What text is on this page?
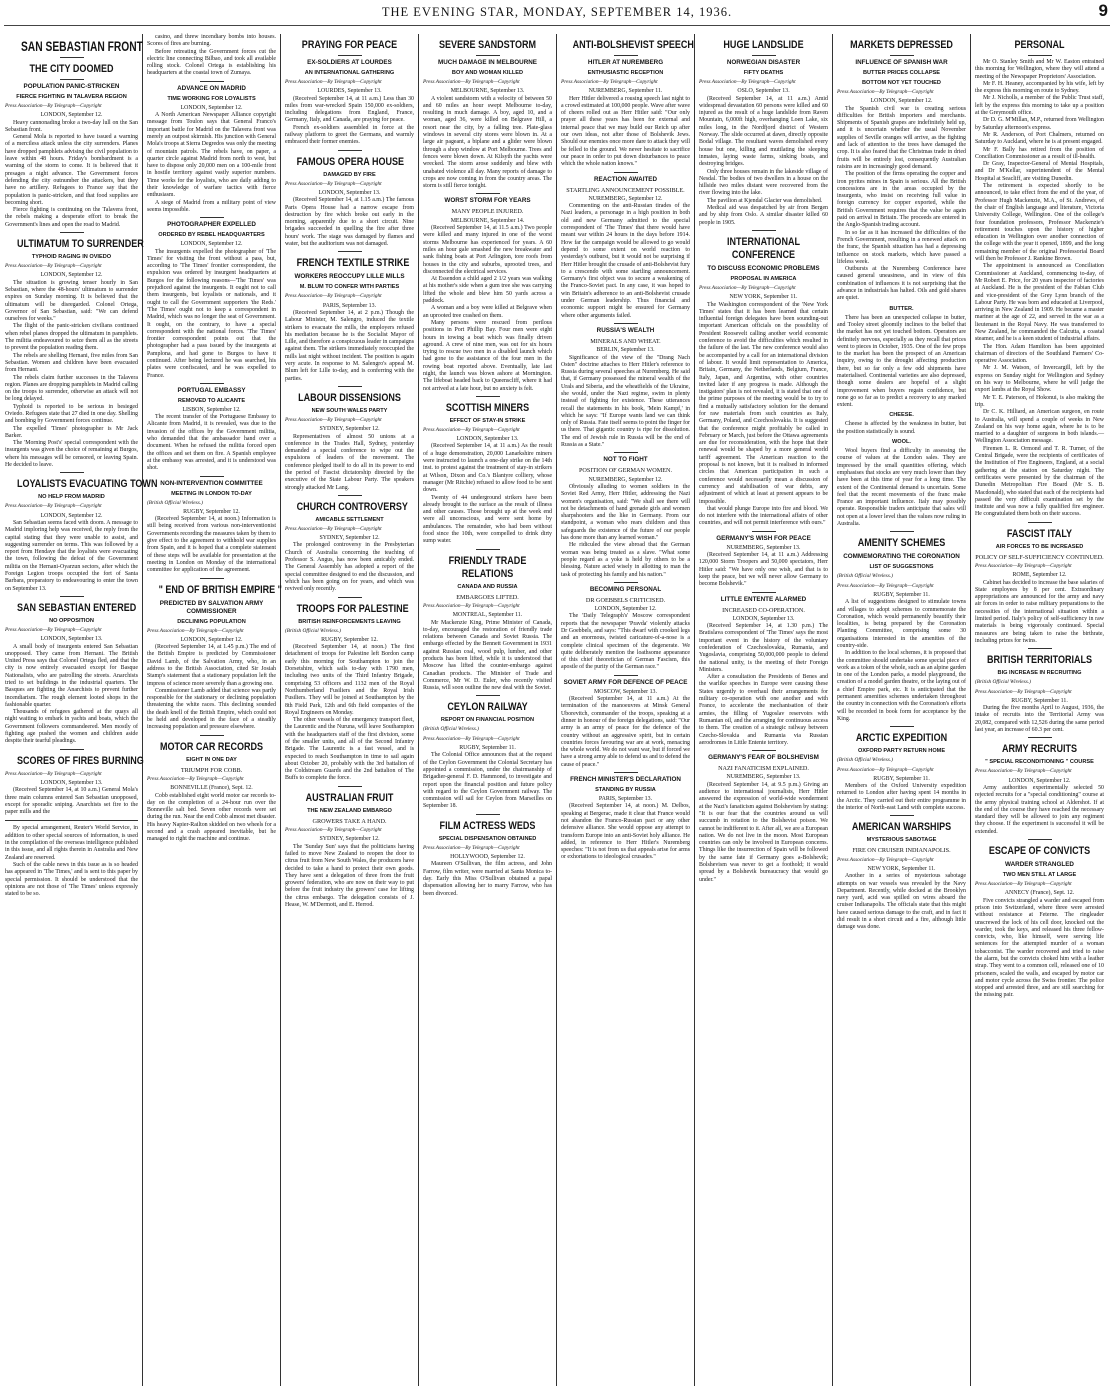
THE EVENING STAR, MONDAY, SEPTEMBER 14, 1936.	9
SAN SEBASTIAN FRONT
THE CITY DOOMED
POPULATION PANIC-STRICKEN
FIERCE FIGHTING IN TALAVERA REGION
Press Association—By Telegraph—Copyright
LONDON, September 12.

Heavy cannonading broke a two-day lull on the San Sebastian front.

General Mola is reported to have issued a warning of a merciless attack unless the city surrenders. Planes have dropped pamphlets advising the civil population to leave within 48 hours. Friday's bombardment is a warning of the storm to come. It is believed that it presages a night advance. The Government forces defending the city outnumber the attackers, but they have no artillery. Refugees to France say that the population is panic-stricken, and that food supplies are becoming short.

Fierce fighting is continuing on the Talavera front, the rebels making a desperate effort to break the Government's lines and open the road to Madrid.

ULTIMATUM TO SURRENDER
TYPHOID RAGING IN OVIEDO
Press Association—By Telegraph—Copyright
LONDON, September 12.

The situation is growing tenser hourly in San Sebastian, where the 48-hours' ultimatum to surrender expires on Sunday morning. It is believed that the ultimatum will be disregarded. Colonel Ortega, Governor of San Sebastian, said: "We can defend ourselves for weeks."

The flight of the panic-stricken civilians continued when rebel planes dropped the ultimatum in pamphlets. The militia endeavoured to seize them all as the streets to prevent the population reading them.

The rebels are shelling Hernani, five miles from San Sebastian. Women and children have been evacuated from Hernani.

The rebels claim further successes in the Talavera region. Planes are dropping pamphlets in Madrid calling on the troops to surrender, otherwise an attack will not be long delayed.

Typhoid is reported to be serious in besieged Oviedo. Refugees state that 27 died in one day. Shelling and bombing by Government forces continue.

The expelled 'Times' photographer is Mr Jack Barker.

The 'Morning Post's' special correspondent with the insurgents was given the choice of remaining at Burgos, where his messages will be censored, or leaving Spain. He decided to leave.

LOYALISTS EVACUATING TOWN
NO HELP FROM MADRID
Press Association—By Telegraph—Copyright
LONDON, September 12.

San Sebastian seems faced with doom. A message to Madrid imploring help was received, the reply from the capital stating that they were unable to assist, and suggesting surrender on terms. This was followed by a report from Hendaye that the loyalists were evacuating the town, following the defeat of the Government militia on the Hernani-Oyarzun sectors, after which the Foreign Legion troops occupied the fort of Santa Barbara, preparatory to endeavouring to enter the town on September 13.

SAN SEBASTIAN ENTERED
NO OPPOSITION
Press Association—By Telegraph—Copyright
LONDON, September 13.

A small body of insurgents entered San Sebastian unopposed. They came from Hernani. The British United Press says that Colonel Ortega fled, and that the city is now entirely evacuated except for Basque Nationalists, who are patrolling the streets. Anarchists tried to set buildings in the industrial quarters. The Basques are fighting the Anarchists to prevent further incendiarism. The rough element looted shops in the fashionable quarter.

Thousands of refugees gathered at the quays all night waiting to embark in yachts and boats, which the Government followers commandeered. Men mostly of fighting age pushed the women and children aside despite their tearful pleadings.

SCORES OF FIRES BURNING
Press Association—By Telegraph—Copyright
LONDON, September 13.

(Received September 14, at 10 a.m.) General Mola's three main columns entered San Sebastian unopposed, except for sporadic sniping. Anarchists set fire to the paper mills and the

By special arrangement, Reuter's World Service, in addition to other special sources of information, is used in the compilation of the overseas intelligence published in this issue, and all rights therein in Australia and New Zealand are reserved.

Such of the cable news in this issue as is so headed has appeared in 'The Times,' and is sent to this paper by special permission. It should be understood that the opinions are not those of 'The Times' unless expressly stated to be so.

casino, and threw incendiary bombs into houses. Scores of fires are burning.

Before retreating the Government forces cut the electric line connecting Bilbao, and took all available rolling stock. Colonel Ortega is establishing his headquarters at the coastal town of Zumaya.

ADVANCE ON MADRID
TIME WORKING FOR LOYALISTS
LONDON, September 12.

A North American Newspaper Alliance copyright message from Toulon says that General Franco's important battle for Madrid on the Talavera front was merely an outpost skirmish. His junction with General Mola's troops at Sierra Degredos was only the meeting of mountain patrols. The rebels have, on paper, a quarter circle against Madrid from north to west, but have to dispose only 20,000 men on a 100-mile front in hostile territory against vastly superior numbers. Time works for the loyalists, who are daily adding to their knowledge of warfare tactics with fierce enthusiasm.

A siege of Madrid from a military point of view seems impossible.

PHOTOGRAPHER EXPELLED
ORDERED BY REBEL HEADQUARTERS
LONDON, September 12.

The insurgents expelled the photographer of 'The Times' for visiting the front without a pass, but, according to 'The Times' frontier correspondent, the expulsion was ordered by insurgent headquarters at Burgos for the following reasons—'The Times' was prejudiced against the insurgents. It ought not to call them insurgents, but loyalists or nationals, and it ought to call the Government supporters 'the Reds.' 'The Times' ought not to keep a correspondent in Madrid, which was no longer the seat of Government. It ought, on the contrary, to have a special correspondent with the national forces. 'The Times' frontier correspondent points out that the photographer had a pass issued by the insurgents at Pamplona, and had gone to Burgos to have it continued. After being lectured he was searched, his plates were confiscated, and he was expelled to France.

PORTUGAL EMBASSY
REMOVED TO ALICANTE
LISBON, September 12.

The recent transfer of the Portuguese Embassy to Alicante from Madrid, it is revealed, was due to the invasion of the offices by the Government militia, who demanded that the ambassador hand over a document. When he refused the militia forced open the offices and set them on fire. A Spanish employee at the embassy was arrested, and it is understood was shot.

NON-INTERVENTION COMMITTEE
MEETING IN LONDON TO-DAY
(British Official Wireless.)
RUGBY, September 12.

(Received September 14, at noon.) Information is still being received from various non-interventionist Governments recording the measures taken by them to give effect to the agreement to withhold war supplies from Spain, and it is hoped that a complete statement of these steps will be available for presentation at the meeting in London on Monday of the international committee for application of the agreement.

" END OF BRITISH EMPIRE "
PREDICTED BY SALVATION ARMY COMMISSIONER
DECLINING POPULATION
Press Association—By Telegraph—Copyright
LONDON, September 12.

(Received September 14, at 1.45 p.m.) The end of the British Empire is predicted by Commissioner David Lamb, of the Salvation Army, who, in an address to the British Association, cited Sir Josiah Stamp's statement that a stationary population left the impress of science more severely than a growing one.

Commissioner Lamb added that science was partly responsible for the stationary or declining population threatening the white races. This declining sounded the death knell of the British Empire, which could not be held and developed in the face of a steadily increasing population and pressure elsewhere.

MOTOR CAR RECORDS
EIGHT IN ONE DAY
TRIUMPH FOR COBB.
Press Association—By Telegraph—Copyright
BONNEVILLE (France), Sept. 12.

Cobb established eight world motor car records to-day on the completion of a 24-hour run over the Bonneville salt bed. Seven other records were set during the run. Near the end Cobb almost met disaster. His heavy Napier-Railton skidded on two wheels for a second and a crash appeared inevitable, but he managed to right the machine and continue.

PRAYING FOR PEACE
EX-SOLDIERS AT LOURDES
AN INTERNATIONAL GATHERING
Press Association—By Telegraph—Copyright
LOURDES, September 13.

(Received September 14, at 11 a.m.) Less than 30 miles from war-wrecked Spain 150,000 ex-soldiers, including delegations from England, France, Germany, Italy, and Canada, are praying for peace.

French ex-soldiers assembled in force at the railway platform to greet the Germans, and warmly embraced their former enemies.

FAMOUS OPERA HOUSE
DAMAGED BY FIRE
Press Association—By Telegraph—Copyright
LONDON, September 13.

(Received September 14, at 1.15 a.m.) The famous Paris Opera House had a narrow escape from destruction by fire which broke out early in the morning, apparently due to a short circuit. Nine brigades succeeded in quelling the fire after three hours' work. The stage was damaged by flames and water, but the auditorium was not damaged.

FRENCH TEXTILE STRIKE
WORKERS REOCCUPY LILLE MILLS
M. BLUM TO CONFER WITH PARTIES
Press Association—By Telegraph—Copyright
PARIS, September 13.

(Received September 14, at 2 p.m.) Though the Labour Minister, M. Salengro, induced the textile strikers to evacuate the mills, the employers refused his mediation because he is the Socialist Mayor of Lille, and therefore a conspicuous leader in campaigns against them. The strikers immediately reoccupied the mills last night without incident. The position is again very acute. In response to M. Salengro's appeal M. Blum left for Lille to-day, and is conferring with the parties.

LABOUR DISSENSIONS
NEW SOUTH WALES PARTY
Press Association—By Telegraph—Copyright
SYDNEY, September 12.

Representatives of almost 50 unions at a conference in the Trades Hall, Sydney, yesterday demanded a special conference to wipe out the expulsions of leaders of the movement. The conference pledged itself to do all in its power to end the period of Fascist dictatorship directed by the executive of the State Labour Party. The speakers strongly attacked Mr Lang.

CHURCH CONTROVERSY
AMICABLE SETTLEMENT
Press Association—By Telegraph—Copyright
SYDNEY, September 12.

The prolonged controversy in the Presbyterian Church of Australia concerning the teaching of Professor S. Angus, has now been amicably ended. The General Assembly has adopted a report of the special committee designed to end the discussion, and which has been going on for years, and which was revived only recently.

TROOPS FOR PALESTINE
BRITISH REINFORCEMENTS LEAVING
(British Official Wireless.)
RUGBY, September 12.

(Received September 14, at noon.) The first detachment of troops for Palestine left Bordon camp early this morning for Southampton to join the Dorsetshire, which sails to-day with 1790 men, including two units of the Third Infantry Brigade, comprising 53 officers and 1132 men of the Royal Northumberland Fusiliers and the Royal Irish Fusiliers. They will be joined at Southampton by the 8th Field Park, 12th and 6th field companies of the Royal Engineers on Monday.

The other vessels of the emergency transport fleet, the Laurentic and the Nuruna, will leave Southampton with the headquarters staff of the first division, some of the smaller units, and all of the Second Infantry Brigade. The Laurentic is a fast vessel, and is expected to reach Southampton in time to sail again about October 20, probably with the 3rd battalion of the Coldstream Guards and the 2nd battalion of The Buffs to complete the force.

AUSTRALIAN FRUIT
THE NEW ZEALAND EMBARGO
GROWERS TAKE A HAND.
Press Association—By Telegraph—Copyright
SYDNEY, September 12.

The 'Sunday Sun' says that the politicians having failed to move New Zealand to reopen the door to citrus fruit from New South Wales, the producers have decided to take a hand to protect their own goods. They have sent a delegation of three from the fruit growers' federation, who are now on their way to put before the fruit industry the growers' case for lifting the citrus embargo. The delegation consists of J. Hease, W. M'Dermott, and E. Herrod.

SEVERE SANDSTORM
MUCH DAMAGE IN MELBOURNE
BOY AND WOMAN KILLED
Press Association—By Telegraph—Copyright
MELBOURNE, September 13.

A violent sandstorm with a velocity of between 50 and 60 miles an hour swept Melbourne to-day, resulting in much damage. A boy, aged 10, and a woman, aged 36, were killed on Belgrave Hill, a resort near the city, by a falling tree. Plate-glass windows in several city stores were blown in. At a large air pageant, a biplane and a glider were blown through a shop window at Port Melbourne. Trees and fences were blown down. At Kilsyth the yachts were wrecked. The storm arose suddenly and blew with unabated violence all day. Many reports of damage to crops are now coming in from the country areas. The storm is still fierce tonight.

WORST STORM FOR YEARS
MANY PEOPLE INJURED.
MELBOURNE, September 14.

(Received September 14, at 11.5 a.m.) Two people were killed and many injured in one of the worst storms Melbourne has experienced for years. A 60 miles an hour gale smashed the new breakwater and sank fishing boats at Port Arlington, tore roofs from houses in the city and suburbs, uprooted trees, and disconnected the electrical services.

At Essendon a child aged 2 1/2 years was walking at his mother's side when a gum tree she was carrying lifted the whole and blew him 50 yards across a paddock.

A woman and a boy were killed at Belgrave when an uprooted tree crashed on them.

Many persons were rescued from perilous positions in Port Phillip Bay. Four men were eight hours in towing a boat which was finally driven aground. A crew of nine men, was out for six hours trying to rescue two men in a disabled launch which had gone to the assistance of the four men in the rowing boat reported above. Eventually, late last night, the launch was blown ashore at Mornington. The lifeboat headed back to Queenscliff, where it had not arrived at a late hour, but no anxiety is felt.

SCOTTISH MINERS
EFFECT OF STAY-IN STRIKE
Press Association—By Telegraph—Copyright
LONDON, September 13.

(Received September 14, at 11 a.m.) As the result of a huge demonstration, 20,000 Lanarkshire miners were instructed to launch a one-day strike on the 14th inst. to protest against the treatment of stay-in strikers at Wilson, Dixon and Co.'s Blantyre colliery, whose manager (Mr Ritchie) refused to allow food to be sent down.

Twenty of 44 underground strikers have been already brought to the surface as the result of illness and other causes. Those brought up at the week end were all unconscious, and were sent home by ambulances. The remainder, who had been without food since the 10th, were compelled to drink dirty sump water.

FRIENDLY TRADE RELATIONS
CANADA AND RUSSIA
EMBARGOES LIFTED.
Press Association—By Telegraph—Copyright
MONTREAL, September 11.

Mr Mackenzie King, Prime Minister of Canada, to-day, encouraged the restoration of friendly trade relations between Canada and Soviet Russia. The embargo effected by the Bennett Government in 1931 against Russian coal, wood pulp, lumber, and other products has been lifted, while it is understood that Moscow has lifted the counter-embargo against Canadian products. The Minister of Trade and Commerce, Mr W. D. Euler, who recently visited Russia, will soon outline the new deal with the Soviet.

CEYLON RAILWAY
REPORT ON FINANCIAL POSITION
(British Official Wireless.)
Press Association—By Telegraph—Copyright
RUGBY, September 11.

The Colonial Office announces that at the request of the Ceylon Government the Colonial Secretary has appointed a commission, under the chairmanship of Brigadier-general F. D. Hammond, to investigate and report upon the financial position and future policy with regard to the Ceylon Government railway. The commission will sail for Ceylon from Marseilles on September 18.

FILM ACTRESS WEDS
SPECIAL DISPENSATION OBTAINED
Press Association—By Telegraph—Copyright
HOLLYWOOD, September 12.

Maureen O'Sullivan, the film actress, and John Farrow, film writer, were married at Santa Monica to-day. Early this Miss O'Sullivan obtained a papal dispensation allowing her to marry Farrow, who has been divorced.

ANTI-BOLSHEVIST SPEECH
HITLER AT NUREMBERG
ENTHUSIASTIC RECEPTION
Press Association—By Telegraph—Copyright
NUREMBERG, September 11.

Herr Hitler delivered a rousing speech last night to a crowd estimated at 100,000 people. Wave after wave of cheers rolled out as Herr Hitler said: "Our only prayer all these years has been for external and internal peace that we may build our Reich up after our own ideas, not after those of Bolshevik Jews. Should our enemies once more dare to attack they will be felled to the ground. We never hesitate to sacrifice our peace in order to put down disturbances to peace which the whole nation knows."

REACTION AWAITED
STARTLING ANNOUNCEMENT POSSIBLE.
NUREMBERG, September 12.

Commenting on the anti-Russian tirades of the Nazi leaders, a personage in a high position in both old and new Germany admitted to the special correspondent of 'The Times' that there would have meant war within 24 hours in the days before 1914. How far the campaign would be allowed to go would depend to some extent on world reaction to yesterday's outburst, but it would not be surprising if Herr Hitler brought the crusade of anti-Bolshevist fury to a crescendo with some startling announcement. Germany's first object was to secure a weakening of the Franco-Soviet pact. In any case, it was hoped to win Britain's adherence to an anti-Bolshevist crusade under German leadership. Thus financial and economic support might be ensured for Germany where other arguments failed.

RUSSIA'S WEALTH
MINERALS AND WHEAT.
BERLIN, September 13.

Significance of the view of the "Drang Nach Osten" doctrine attaches to Herr Hitler's reference to Russia during several speeches at Nuremberg. He said that, if Germany possessed the mineral wealth of the Urals and Siberia, and the wheatfields of the Ukraine, she would, under the Nazi regime, swim in plenty instead of fighting for existence. These utterances recall the statements in his book, 'Mein Kampf,' in which he says: "If Europe wants land we can think only of Russia. Fate itself seems to point the finger for us there. That gigantic country is ripe for dissolution. The end of Jewish rule in Russia will be the end of Russia as a State."

NOT TO FIGHT
POSITION OF GERMAN WOMEN.
NUREMBERG, September 12.

Obviously alluding to women soldiers in the Soviet Red Army, Herr Hitler, addressing the Nazi women's organisation, said: "We shall see there will not be detachments of hand grenade girls and women sharpshooters and the like in Germany. From our standpoint, a woman who rears children and thus safeguards the existence of the future of our people has done more than any learned woman."

He ridiculed the view abroad that the German woman was being treated as a slave. "What some people regard as a yoke is held by others to be a blessing. Nature acted wisely in allotting to man the task of protecting his family and his nation."

BECOMING PERSONAL
DR GOEBBELS CRITICISED.
LONDON, September 12.

The 'Daily Telegraph's' Moscow correspondent reports that the newspaper 'Pravda' violently attacks Dr Goebbels, and says: "This dwarf with crooked legs and an enormous, twisted caricature-of-a-nose is a complete clinical specimen of the degenerate. We quite deliberately mention the loathsome appearance of this chief theoretician of German Fascism, this apostle of the purity of the German race."

SOVIET ARMY FOR DEFENCE OF PEACE
MOSCOW, September 13.

(Received September 14, at 11 a.m.) At the termination of the manoeuvres at Minsk General Uborevitch, commander of the troops, speaking at a dinner in honour of the foreign delegations, said: "Our army is an army of peace for the defence of the country without an aggressive spirit, but in certain countries forces favouring war are at work, menacing the whole world. We do not want war, but if forced we have a strong army able to defend us and to defend the cause of peace."

FRENCH MINISTER'S DECLARATION
STANDING BY RUSSIA
PARIS, September 13.

(Received September 14, at noon.) M. Delbos, speaking at Bergerac, made it clear that France would not abandon the Franco-Russian pact or any other defensive alliance. She would oppose any attempt to transform Europe into an anti-Soviet holy alliance. He added, in reference to Herr Hitler's Nuremberg speeches: "It is not from us that appeals arise for arms or exhortations to ideological crusades."

HUGE LANDSLIDE
NORWEGIAN DISASTER
FIFTY DEATHS
Press Association—By Telegraph—Copyright
OSLO, September 13.

(Received September 14, at 11 a.m.) Amid widespread devastation 60 persons were killed and 60 injured as the result of a huge landslide from Raven Mountain, 6,000ft high, overhanging Loen Lake, six miles long, in the Nordfjord district of Western Norway. The slide occurred at dawn, directly opposite Bodal village. The resultant waves demolished every house but one, killing and mutilating the sleeping inmates, laying waste farms, sinking boats, and destroying bridges.

Only three houses remain in the lakeside village of Nesdal. The bodies of two dwellers in a house on the hillside two miles distant were recovered from the river flowing into the lake.

The pavilion at Kjendal Glacier was demolished.

Medical aid was despatched by air from Bergen and by ship from Oslo. A similar disaster killed 60 people in 1905.

INTERNATIONAL CONFERENCE
TO DISCUSS ECONOMIC PROBLEMS
PROPOSAL IN AMERICA
Press Association—By Telegraph—Copyright
NEW YORK, September 11.

The Washington correspondent of the 'New York Times' states that it has been learned that certain influential foreign delegates have been sounding-out important American officials on the possibility of President Roosevelt calling another world economic conference to avoid the difficulties which resulted in the failure of the last. The new conference would also be accompanied by a call for an international division of labour. It would limit representation to America, Britain, Germany, the Netherlands, Belgium, France, Italy, Japan, and Argentina, with other countries invited later if any progress is made. Although the instigators' plan is not revealed, it is stated that one of the prime purposes of the meeting would be to try to find a mutually satisfactory solution for the demand for raw materials from such countries as Italy, Germany, Poland, and Czechoslovakia. It is suggested that the conference might profitably be called in February or March, just before the Ottawa agreements are due for reconsideration, with the hope that their renewal would be shaped by a more general world tariff agreement. The American reaction to the proposal is not known, but it is realised in informed circles that American participation in such a conference would necessarily mean a discussion of currency and stabilisation of war debts, any adjustment of which at least at present appears to be impossible.

that would plunge Europe into fire and blood. We do not interfere with the international affairs of other countries, and will not permit interference with ours."

GERMANY'S WISH FOR PEACE
NUREMBERG, September 13.

(Received September 14, at 11 a.m.) Addressing 120,000 Storm Troopers and 50,000 spectators, Herr Hitler said: "We have only one wish, and that is to keep the peace, but we will never allow Germany to become Bolshevik."

LITTLE ENTENTE ALARMED
INCREASED CO-OPERATION.
LONDON, September 13.

(Received September 14, at 1.30 p.m.) The Bratislava correspondent of 'The Times' says the most important event in the history of the voluntary confederation of Czechoslovakia, Rumania, and Yugoslavia, comprising 50,000,000 people to defend the national unity, is the meeting of their Foreign Ministers.

After a consultation the Presidents of Benes and the warlike speeches in Europe were causing these States urgently to overhaul their arrangements for military co-operation with one another and with France, to accelerate the mechanisation of their armies, the filling of Yugoslav reservoirs with Rumanian oil, and the arranging for continuous access to them. The creation of a strategic railway between Czecho-Slovakia and Rumania via Russian aerodromes in Little Entente territory.

GERMANY'S FEAR OF BOLSHEVISM
NAZI FANATICISM EXPLAINED.
NUREMBERG, September 13.

(Received September 14, at 9.5 p.m.) Giving an audience to international journalists, Herr Hitler answered the expression of world-wide wonderment at the Nazi's fanaticism against Bolshevism by stating: "It is our fear that the countries around us will succumb in rotation to the Bolshevist poison. We cannot be indifferent to it. After all, we are a European nation. We do not live in the moon. Most European countries can only be involved in European concerns. Things like the insurrection of Spain will be followed by the same fate if Germany goes a-Bolshevik; Bolshevism was never to get a foothold; it would spread by a Bolshevik bureaucracy that would go under."

MARKETS DEPRESSED
INFLUENCE OF SPANISH WAR
BUTTER PRICES COLLAPSE
BOTTOM NOT YET TOUCHED
Press Association—By Telegraph—Copyright
LONDON, September 12.

The Spanish civil war is creating serious difficulties for British importers and merchants. Shipments of Spanish grapes are indefinitely held up, and it is uncertain whether the usual November supplies of Seville oranges will arrive, as the fighting and lack of attention to the trees have damaged the crop. It is also feared that the Christmas trade in dried fruits will be entirely lost, consequently Australian raisins are in increasingly good demand.

The position of the firms operating the copper and iron pyrites mines in Spain is serious. All the British concessions are in the areas occupied by the insurgents, who insist on receiving full value in foreign currency for copper exported, while the British Government requires that the value be again paid on arrival in Britain. The proceeds are entered in the Anglo-Spanish trading account.

In so far as it has increased the difficulties of the French Government, resulting in a renewed attack on the franc, the Spanish situation has had a depressing influence on stock markets, which have passed a lifeless week.

Outbursts at the Nuremberg Conference have caused general uneasiness, and in view of this combination of influences it is not surprising that the advance in industrials has halted. Oils and gold shares are quiet.

BUTTER.

There has been an unexpected collapse in butter, and Tooley street gloomily inclines to the belief that the market has not yet touched bottom. Operators are definitely nervous, especially as they recall that prices went to pieces in October, 1935. One of the few props to the market has been the prospect of an American inquiry, owing to the drought affecting production there, but so far only a few odd shipments have materialised. Continental varieties are also depressed, though some dealers are hopeful of a slight improvement when buyers regain confidence, but none go so far as to predict a recovery to any marked extent.

CHEESE.

Cheese is affected by the weakness in butter, but the position statistically is sound.

WOOL.

Wool buyers find a difficulty in assessing the course of values at the London sales. They are impressed by the small quantities offering, which emphasises that stocks are very much lower than they have been at this time of year for a long time. The extent of the Continental demand is uncertain. Some feel that the recent movements of the franc make France an important influence. Italy may possibly operate. Responsible traders anticipate that sales will not open at a lower level than the values now ruling in Australia.

AMENITY SCHEMES
COMMEMORATING THE CORONATION
LIST OF SUGGESTIONS
(British Official Wireless.)
Press Association—By Telegraph—Copyright
RUGBY, September 11.

A list of suggestions designed to stimulate towns and villages to adopt schemes to commemorate the Coronation, which would permanently beautify their localities, is being prepared by the Coronation Planting Committee, comprising some 30 organisations interested in the amenities of the country-side.

In addition to the local schemes, it is proposed that the committee should undertake some special piece of work as a token of the whole, such as an alpine garden in one of the London parks, a model playground, the creation of a model garden theatre, or the laying out of a chief Empire park, etc. It is anticipated that the permanent amenities schemes undertaken throughout the country in connection with the Coronation's efforts will be recorded in book form for acceptance by the King.

ARCTIC EXPEDITION
OXFORD PARTY RETURN HOME
(British Official Wireless.)
Press Association—By Telegraph—Copyright
RUGBY, September 11.

Members of the Oxford University expedition returned to London after having spent 14 months in the Arctic. They carried out their entire programme in the interior of North-east Land with complete success.

AMERICAN WARSHIPS
MYSTERIOUS SABOTAGE
FIRE ON CRUISER INDIANAPOLIS.
Press Association—By Telegraph—Copyright
NEW YORK, September 11.

Another in a series of mysterious sabotage attempts on war vessels was revealed by the Navy Department. Recently, while docked at the Brooklyn navy yard, acid was spilled on wires aboard the cruiser Indianapolis. The officials state that this might have caused serious damage to the craft, and in fact it did result in a short circuit and a fire, although little damage was done.

PERSONAL

Mr O. Stanley Smith and Mr W. Easton entrained this morning for Wellington, where they will attend a meeting of the Newspaper Proprietors' Association.

Mr F. H. Heaney, accompanied by his wife, left by the express this morning en route to Sydney.

Mr J. Nicholls, a member of the Public Trust staff, left by the express this morning to take up a position at the Greymouth office.

Dr D. G. M'Millan, M.P., returned from Wellington by Saturday afternoon's express.

Mr R. Anderson, of Port Chalmers, returned on Saturday to Auckland, where he is at present engaged.

Mr F. Bally has retired from the position of Conciliation Commissioner as a result of ill-health.

Dr Gray, Inspector-General of Mental Hospitals, and Dr M'Kellar, superintendent of the Mental Hospital at Seacliff, are visiting Dunedin.

The retirement is expected shortly to be announced, to take effect from the end of the year, of Professor Hugh Mackenzie, M.A., of St. Andrews, of the chair of English language and literature, Victoria University College, Wellington. One of the college's four foundation professors, Professor Mackenzie's retirement touches upon the history of higher education in Wellington over another connection of the college with the year it opened, 1899, and the long remaining member of the original Professorial Board will then be Professor J. Rankine Brown.

The appointment is announced as Conciliation Commissioner at Auckland, commencing to-day, of Mr Robert E. Price, for 20 years inspector of factories at Auckland. He is the president of the Fabian Club and vice-president of the Grey Lynn branch of the Labour Party. He was born and educated at Liverpool, arriving in New Zealand in 1909. He became a master mariner at the age of 22, and served in the war as a lieutenant in the Royal Navy. He was transferred to New Zealand, he commanded the Calcutta, a coastal steamer, and he is a keen student of industrial affairs.

The Hon. Adam Hamilton has been appointed chairman of directors of the Southland Farmers' Co-operative Association.

Mr J. M. Watson, of Invercargill, left by the express on Sunday night for Wellington and Sydney on his way to Melbourne, where he will judge the export lambs at the Royal Show.

Mr T. E. Paterson, of Hokonui, is also making the trip.

Dr C. K. Hilliard, an American surgeon, en route to Australia, will spend a couple of weeks in New Zealand on his way home again, where he is to be married to a daughter of surgeons in both islands.—Wellington Association message.

Firemen L. R. Ormond and T. R. Turner, of the Central Brigade, were the recipients of certificates of the Institution of Fire Engineers, England, at a social gathering at the station on Saturday night. The certificates were presented by the chairman of the Dunedin Metropolitan Fire Board (Mr S. B. Macdonald), who stated that each of the recipients had passed the very difficult examination set by the institute and was now a fully qualified fire engineer. He congratulated them both on their success.

FASCIST ITALY
AIR FORCES TO BE INCREASED
POLICY OF SELF-SUFFICIENCY CONTINUED.
Press Association—By Telegraph—Copyright
ROME, September 12.

Cabinet has decided to increase the base salaries of State employees by 8 per cent. Extraordinary appropriations are announced for the army and navy air forces in order to raise military preparations to the necessities of the international situation within a limited period. Italy's policy of self-sufficiency in raw materials is being vigorously continued. Special measures are being taken to raise the birthrate, including prizes for twins.

BRITISH TERRITORIALS
BIG INCREASE IN RECRUITING
(British Official Wireless.)
Press Association—By Telegraph—Copyright
RUGBY, September 11.

During the five months April to August, 1936, the intake of recruits into the Territorial Army was 20,082, compared with 12,526 during the same period last year, an increase of 60.3 per cent.

ARMY RECRUITS
" SPECIAL RECONDITIONING " COURSE
Press Association—By Telegraph—Copyright
LONDON, September 12.

Army authorities experimentally selected 50 rejected recruits for a "special conditioning" course at the army physical training school at Aldershot. If at the end of the course they have reached the necessary standard they will be allowed to join any regiment they choose. If the experiment is successful it will be extended.

ESCAPE OF CONVICTS
WARDER STRANGLED
TWO MEN STILL AT LARGE
Press Association—By Telegraph—Copyright
ANNECY (France), Sept. 12.

Five convicts strangled a warder and escaped from prison into Switzerland, where three were arrested without resistance at Feterne. The ringleader unscrewed the lock of his cell door, knocked out the warder, took the keys, and released his three fellow-convicts, who, like himself, were serving life sentences for the attempted murder of a woman tobacconist. The warder recovered and tried to raise the alarm, but the convicts choked him with a leather strap. They went to a common cell, released one of 10 prisoners, scaled the walls, and escaped by motor car and motor cycle across the Swiss frontier. The police stopped and arrested three, and are still searching for the missing pair.
